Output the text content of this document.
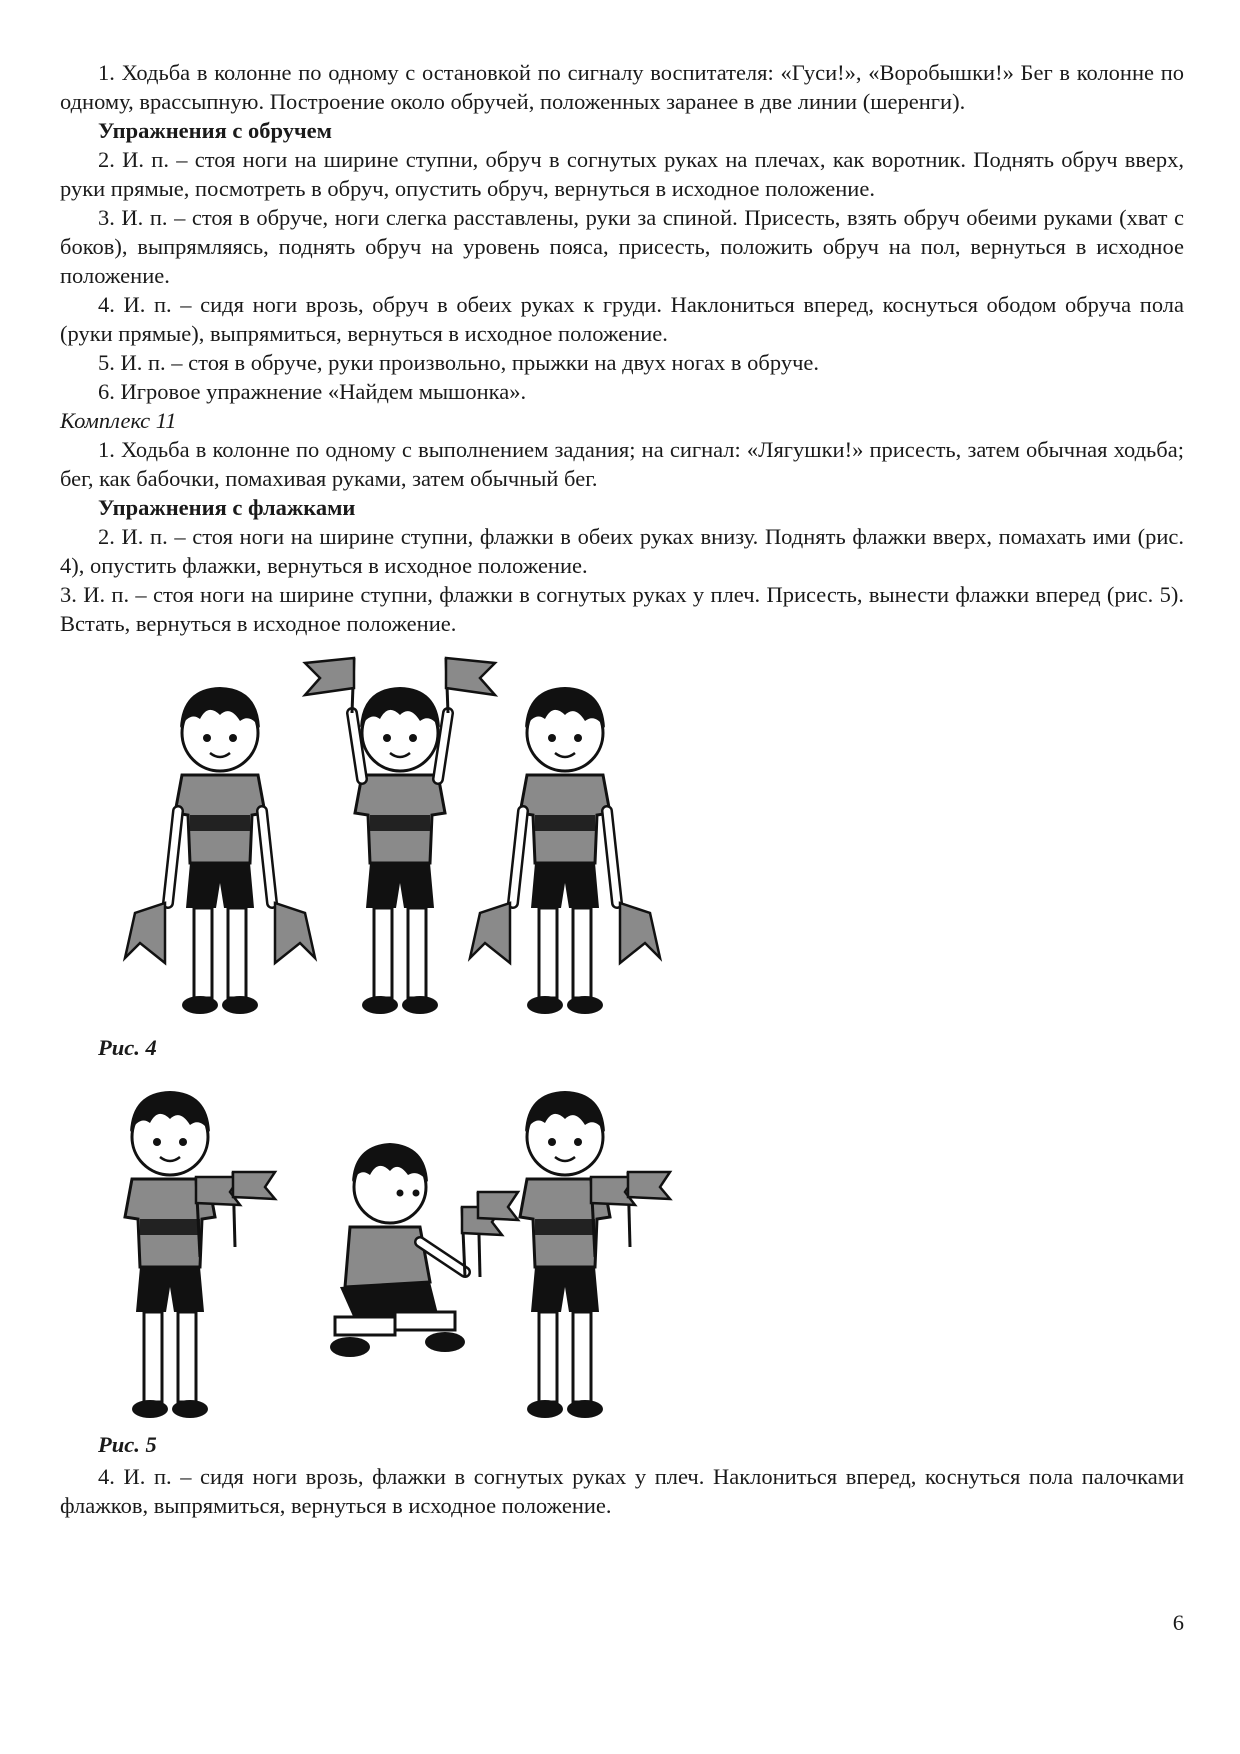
1. Ходьба в колонне по одному с остановкой по сигналу воспитателя: «Гуси!», «Воробышки!» Бег в колонне по одному, врассыпную. Построение около обручей, положенных заранее в две линии (шеренги).

Упражнения с обручем

2. И. п. – стоя ноги на ширине ступни, обруч в согнутых руках на плечах, как воротник. Поднять обруч вверх, руки прямые, посмотреть в обруч, опустить обруч, вернуться в исходное положение.

3. И. п. – стоя в обруче, ноги слегка расставлены, руки за спиной. Присесть, взять обруч обеими руками (хват с боков), выпрямляясь, поднять обруч на уровень пояса, присесть, положить обруч на пол, вернуться в исходное положение.

4. И. п. – сидя ноги врозь, обруч в обеих руках к груди. Наклониться вперед, коснуться ободом обруча пола (руки прямые), выпрямиться, вернуться в исходное положение.

5. И. п. – стоя в обруче, руки произвольно, прыжки на двух ногах в обруче.

6. Игровое упражнение «Найдем мышонка».

Комплекс 11

1. Ходьба в колонне по одному с выполнением задания; на сигнал: «Лягушки!» присесть, затем обычная ходьба; бег, как бабочки, помахивая руками, затем обычный бег.

Упражнения с флажками

2. И. п. – стоя ноги на ширине ступни, флажки в обеих руках внизу. Поднять флажки вверх, помахать ими (рис. 4), опустить флажки, вернуться в исходное положение.

3. И. п. – стоя ноги на ширине ступни, флажки в согнутых руках у плеч. Присесть, вынести флажки вперед (рис. 5). Встать, вернуться в исходное положение.

Рис. 4
Рис. 5

4. И. п. – сидя ноги врозь, флажки в согнутых руках у плеч. Наклониться вперед, коснуться пола палочками флажков, выпрямиться, вернуться в исходное положение.

6
